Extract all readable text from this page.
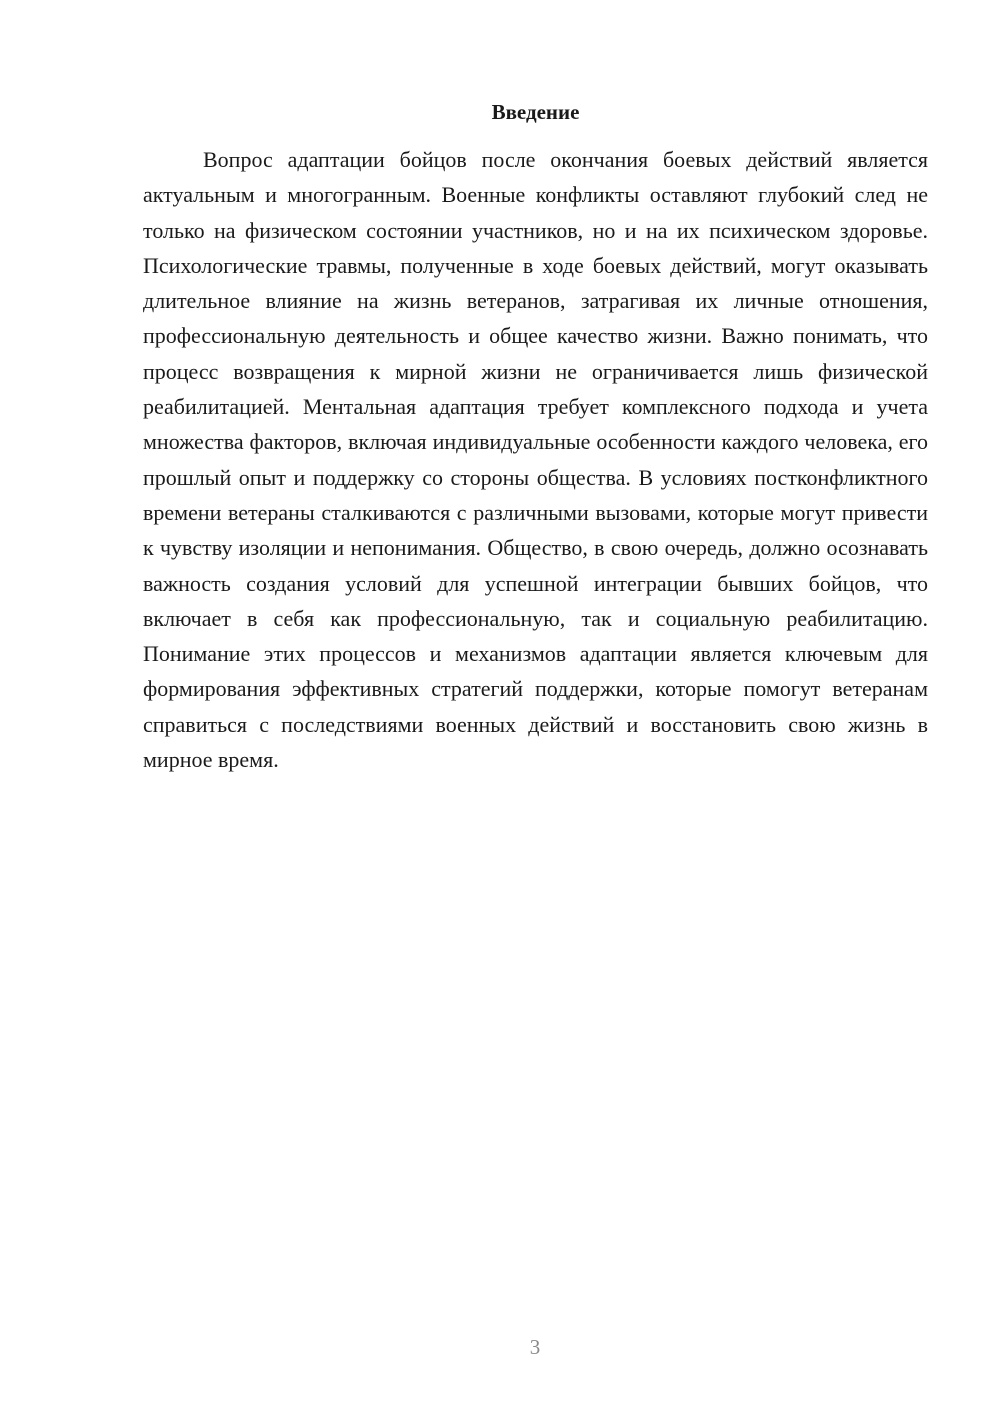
Введение

Вопрос адаптации бойцов после окончания боевых действий является актуальным и многогранным. Военные конфликты оставляют глубокий след не только на физическом состоянии участников, но и на их психическом здоровье. Психологические травмы, полученные в ходе боевых действий, могут оказывать длительное влияние на жизнь ветеранов, затрагивая их личные отношения, профессиональную деятельность и общее качество жизни. Важно понимать, что процесс возвращения к мирной жизни не ограничивается лишь физической реабилитацией. Ментальная адаптация требует комплексного подхода и учета множества факторов, включая индивидуальные особенности каждого человека, его прошлый опыт и поддержку со стороны общества. В условиях постконфликтного времени ветераны сталкиваются с различными вызовами, которые могут привести к чувству изоляции и непонимания. Общество, в свою очередь, должно осознавать важность создания условий для успешной интеграции бывших бойцов, что включает в себя как профессиональную, так и социальную реабилитацию. Понимание этих процессов и механизмов адаптации является ключевым для формирования эффективных стратегий поддержки, которые помогут ветеранам справиться с последствиями военных действий и восстановить свою жизнь в мирное время.

3
